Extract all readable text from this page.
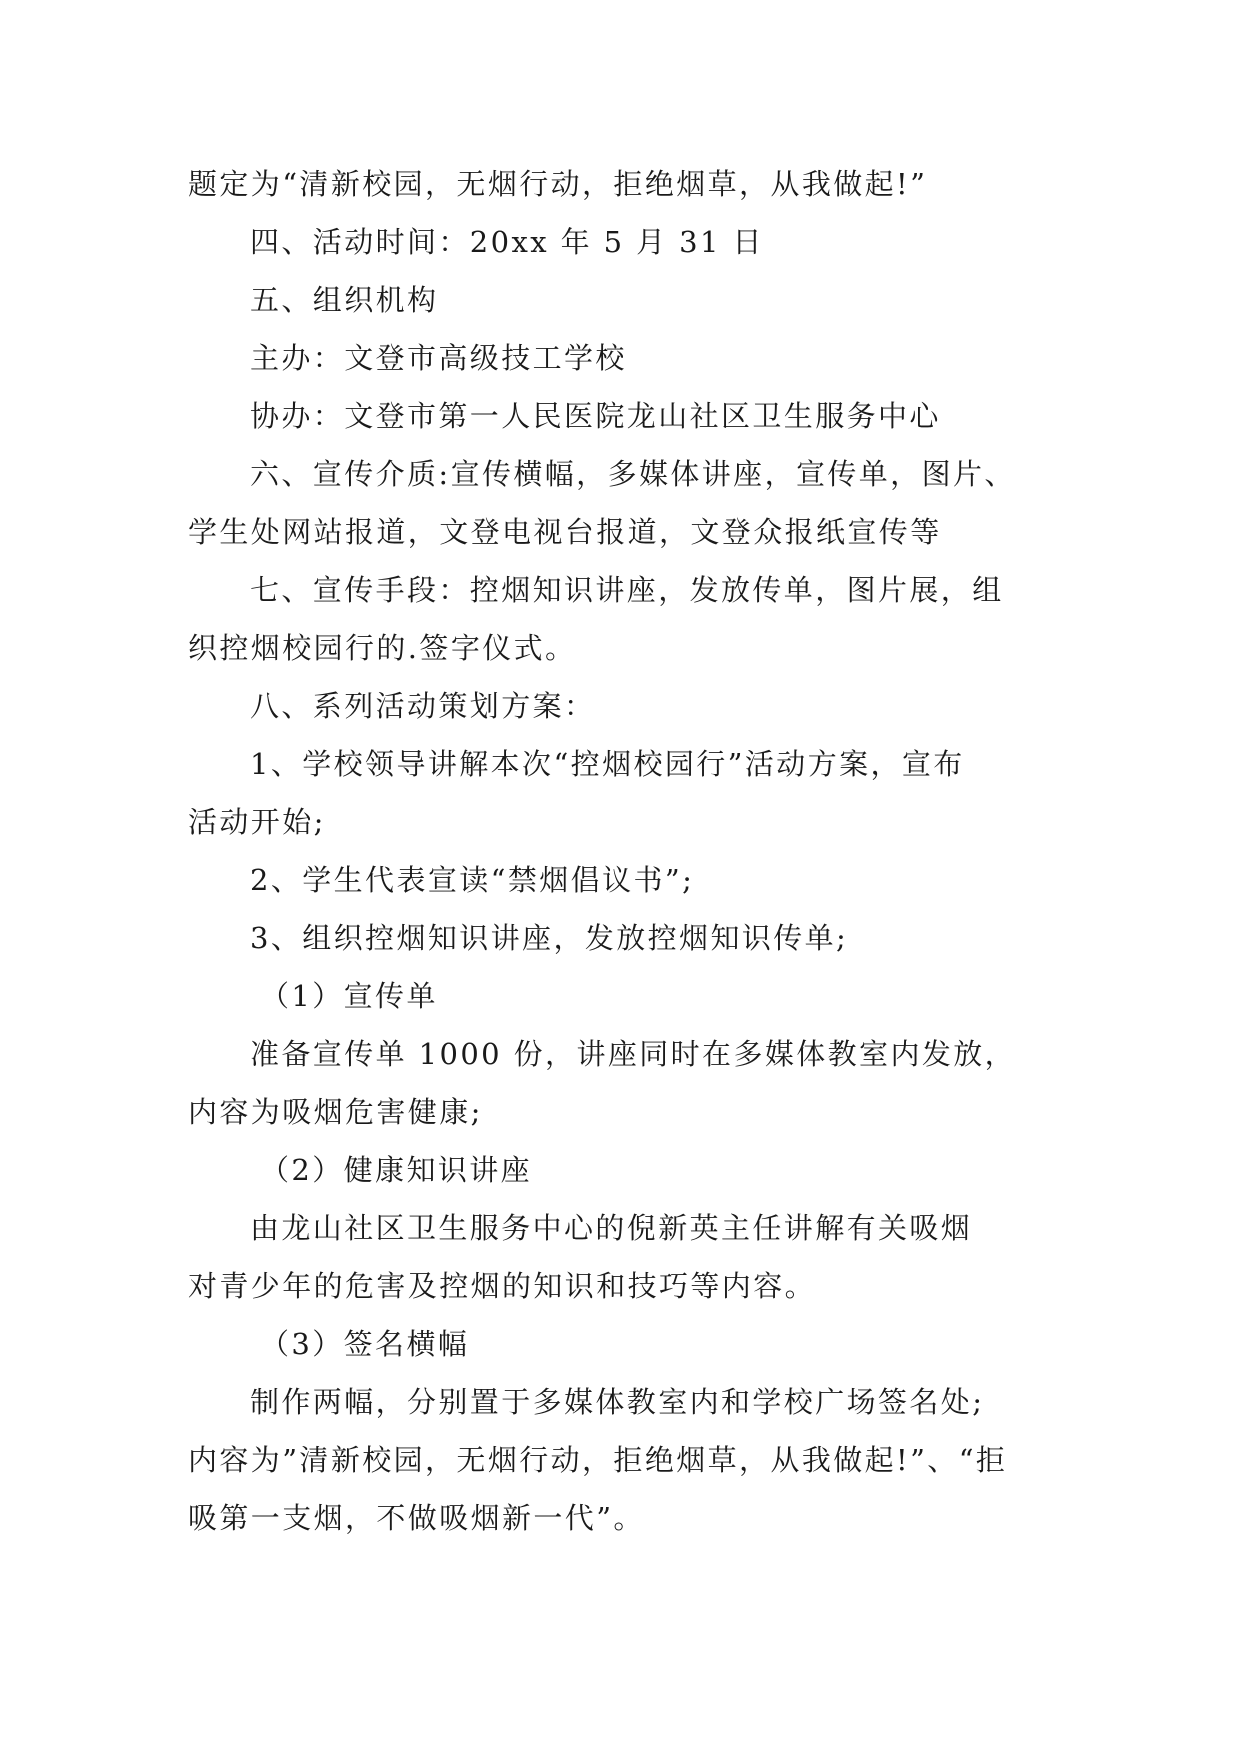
题定为“清新校园，无烟行动，拒绝烟草，从我做起!”
四、活动时间：20xx 年 5 月 31 日
五、组织机构
主办：文登市高级技工学校
协办：文登市第一人民医院龙山社区卫生服务中心
六、宣传介质:宣传横幅，多媒体讲座，宣传单，图片、
学生处网站报道，文登电视台报道，文登众报纸宣传等
七、宣传手段：控烟知识讲座，发放传单，图片展，组
织控烟校园行的.签字仪式。
八、系列活动策划方案：
1、学校领导讲解本次“控烟校园行”活动方案，宣布
活动开始;
2、学生代表宣读“禁烟倡议书”;
3、组织控烟知识讲座，发放控烟知识传单;
（1）宣传单
准备宣传单 1000 份，讲座同时在多媒体教室内发放，
内容为吸烟危害健康;
（2）健康知识讲座
由龙山社区卫生服务中心的倪新英主任讲解有关吸烟
对青少年的危害及控烟的知识和技巧等内容。
（3）签名横幅
制作两幅，分别置于多媒体教室内和学校广场签名处;
内容为”清新校园，无烟行动，拒绝烟草，从我做起!”、“拒
吸第一支烟，不做吸烟新一代”。
